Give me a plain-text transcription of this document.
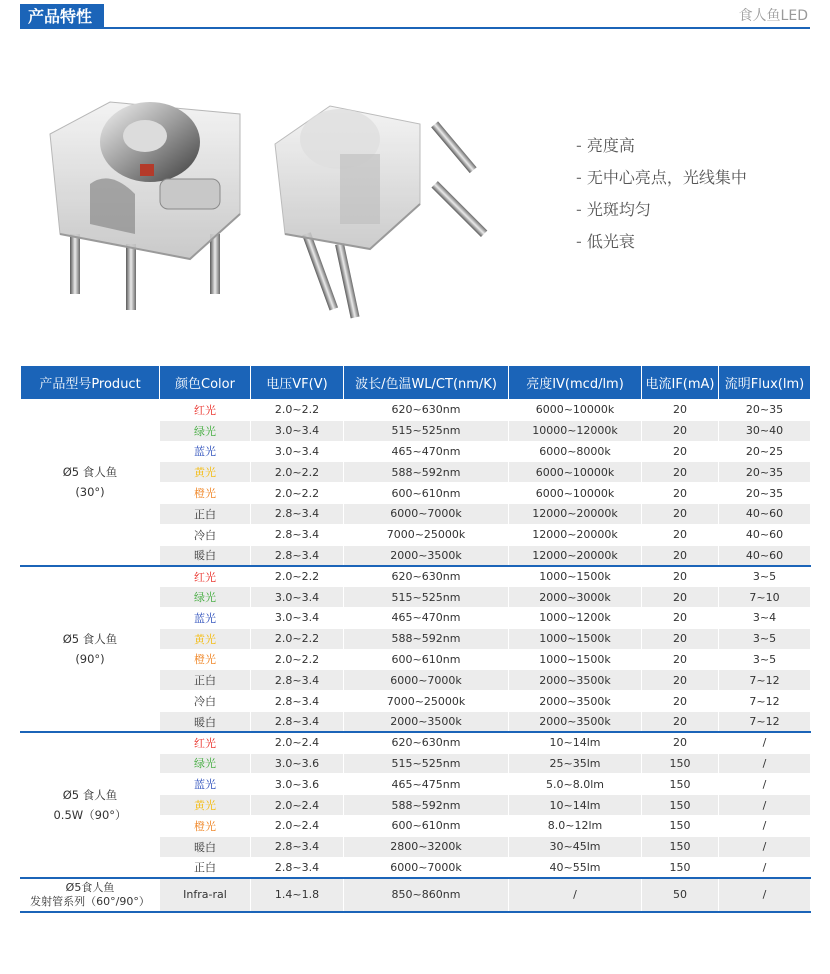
产品特性	食人鱼LED
- 亮度高
- 无中心亮点，光线集中
- 光斑均匀
- 低光衰
产品型号Product	颜色Color	电压VF(V)	波长/色温WL/CT(nm/K)	亮度IV(mcd/lm)	电流IF(mA)	流明Flux(lm)

Ø5 食人鱼
(30°)	红光	2.0~2.2	620~630nm	6000~10000k	20	20~35
	绿光	3.0~3.4	515~525nm	10000~12000k	20	30~40
	蓝光	3.0~3.4	465~470nm	6000~8000k	20	20~25
	黄光	2.0~2.2	588~592nm	6000~10000k	20	20~35
	橙光	2.0~2.2	600~610nm	6000~10000k	20	20~35
	正白	2.8~3.4	6000~7000k	12000~20000k	20	40~60
	冷白	2.8~3.4	7000~25000k	12000~20000k	20	40~60
	暖白	2.8~3.4	2000~3500k	12000~20000k	20	40~60

Ø5 食人鱼
(90°)	红光	2.0~2.2	620~630nm	1000~1500k	20	3~5
	绿光	3.0~3.4	515~525nm	2000~3000k	20	7~10
	蓝光	3.0~3.4	465~470nm	1000~1200k	20	3~4
	黄光	2.0~2.2	588~592nm	1000~1500k	20	3~5
	橙光	2.0~2.2	600~610nm	1000~1500k	20	3~5
	正白	2.8~3.4	6000~7000k	2000~3500k	20	7~12
	冷白	2.8~3.4	7000~25000k	2000~3500k	20	7~12
	暖白	2.8~3.4	2000~3500k	2000~3500k	20	7~12

Ø5 食人鱼
0.5W（90°）	红光	2.0~2.4	620~630nm	10~14lm	20	/
	绿光	3.0~3.6	515~525nm	25~35lm	150	/
	蓝光	3.0~3.6	465~475nm	5.0~8.0lm	150	/
	黄光	2.0~2.4	588~592nm	10~14lm	150	/
	橙光	2.0~2.4	600~610nm	8.0~12lm	150	/
	暖白	2.8~3.4	2800~3200k	30~45lm	150	/
	正白	2.8~3.4	6000~7000k	40~55lm	150	/

Ø5食人鱼
发射管系列（60°/90°）	Infra-ral	1.4~1.8	850~860nm	/	50	/
